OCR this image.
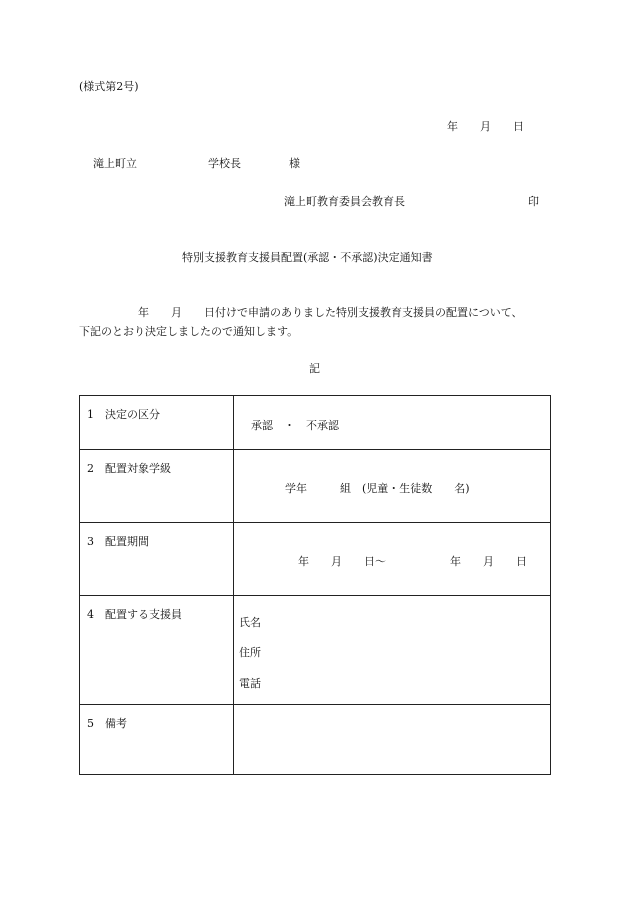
(様式第2号)
年　　月　　日
滝上町立	学校長	様
滝上町教育委員会教育長	印
特別支援教育支援員配置(承認・不承認)決定通知書
年　　月　　日付けで申請のありました特別支援教育支援員の配置について、
下記のとおり決定しましたので通知します。
記
1　決定の区分
承認　・　不承認
2　配置対象学級
学年　　　組　(児童・生徒数　　名)
3　配置期間
年　　月　　日〜	年　　月　　日
4　配置する支援員
氏名
住所
電話
5　備考
